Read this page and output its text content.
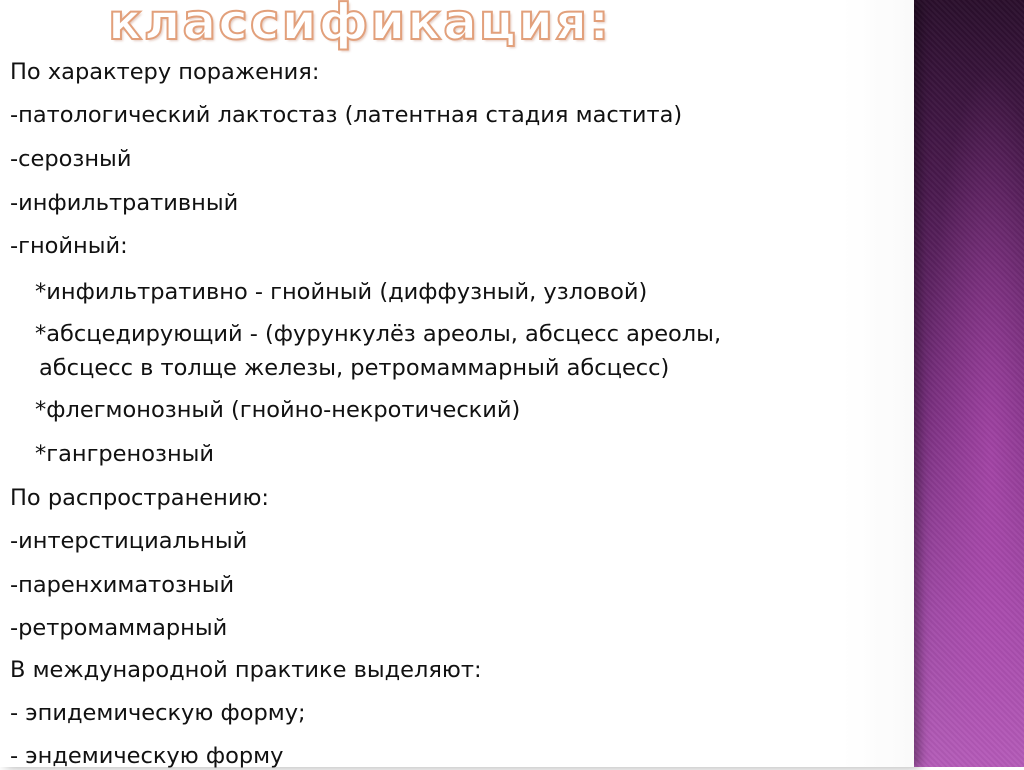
классификация:
По характеру поражения:
-патологический лактостаз (латентная стадия мастита)
-серозный
-инфильтративный
-гнойный:
*инфильтративно - гнойный (диффузный, узловой)
*абсцедирующий - (фурункулёз ареолы, абсцесс ареолы,
абсцесс в толще железы, ретромаммарный абсцесс)
*флегмонозный (гнойно-некротический)
*гангренозный
По распространению:
-интерстициальный
-паренхиматозный
-ретромаммарный
В международной практике выделяют:
- эпидемическую форму;
- эндемическую форму
